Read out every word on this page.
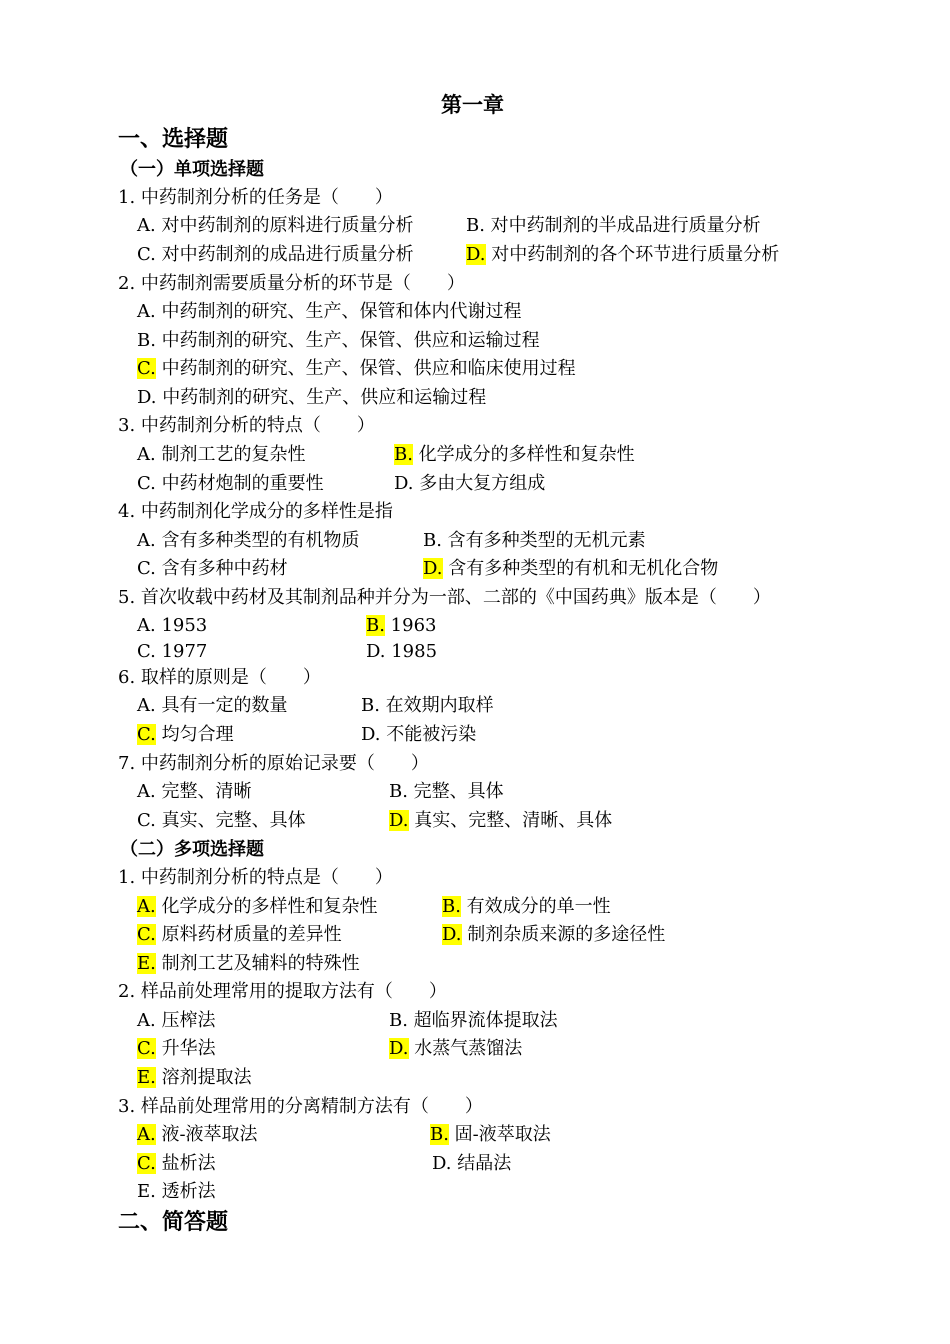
第一章
一、选择题
（一）单项选择题
1. 中药制剂分析的任务是（　　）
A. 对中药制剂的原料进行质量分析	B. 对中药制剂的半成品进行质量分析
C. 对中药制剂的成品进行质量分析	D. 对中药制剂的各个环节进行质量分析
2. 中药制剂需要质量分析的环节是（　　）
A. 中药制剂的研究、生产、保管和体内代谢过程
B. 中药制剂的研究、生产、保管、供应和运输过程
C. 中药制剂的研究、生产、保管、供应和临床使用过程
D. 中药制剂的研究、生产、供应和运输过程
3. 中药制剂分析的特点（　　）
A. 制剂工艺的复杂性	B. 化学成分的多样性和复杂性
C. 中药材炮制的重要性	D. 多由大复方组成
4. 中药制剂化学成分的多样性是指
A. 含有多种类型的有机物质	B. 含有多种类型的无机元素
C. 含有多种中药材	D. 含有多种类型的有机和无机化合物
5. 首次收载中药材及其制剂品种并分为一部、二部的《中国药典》版本是（　　）
A. 1953	B. 1963
C. 1977	D. 1985
6. 取样的原则是（　　）
A. 具有一定的数量	B. 在效期内取样
C. 均匀合理	D. 不能被污染
7. 中药制剂分析的原始记录要（　　）
A. 完整、清晰	B. 完整、具体
C. 真实、完整、具体	D. 真实、完整、清晰、具体
（二）多项选择题
1. 中药制剂分析的特点是（　　）
A. 化学成分的多样性和复杂性	B. 有效成分的单一性
C. 原料药材质量的差异性	D. 制剂杂质来源的多途径性
E. 制剂工艺及辅料的特殊性
2. 样品前处理常用的提取方法有（　　）
A. 压榨法	B. 超临界流体提取法
C. 升华法	D. 水蒸气蒸馏法
E. 溶剂提取法
3. 样品前处理常用的分离精制方法有（　　）
A. 液-液萃取法	B. 固-液萃取法
C. 盐析法	D. 结晶法
E. 透析法
二、简答题
